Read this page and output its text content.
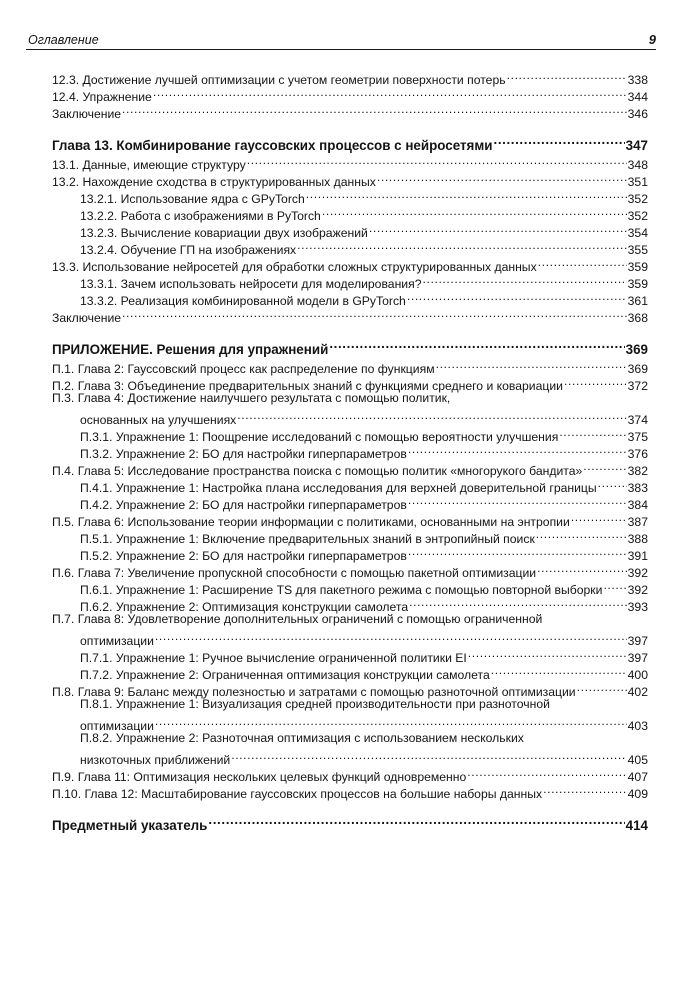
Оглавление	9
12.3. Достижение лучшей оптимизации с учетом геометрии поверхности потерь .....	338
12.4. Упражнение .....	344
Заключение .....	346
Глава 13. Комбинирование гауссовских процессов с нейросетями .....	347
13.1. Данные, имеющие структуру .....	348
13.2. Нахождение сходства в структурированных данных .....	351
13.2.1. Использование ядра с GPyTorch .....	352
13.2.2. Работа с изображениями в PyTorch .....	352
13.2.3. Вычисление ковариации двух изображений .....	354
13.2.4. Обучение ГП на изображениях .....	355
13.3. Использование нейросетей для обработки сложных структурированных данных .....	359
13.3.1. Зачем использовать нейросети для моделирования? .....	359
13.3.2. Реализация комбинированной модели в GPyTorch .....	361
Заключение .....	368
ПРИЛОЖЕНИЕ. Решения для упражнений .....	369
П.1. Глава 2: Гауссовский процесс как распределение по функциям .....	369
П.2. Глава 3: Объединение предварительных знаний с функциями среднего и ковариации .....	372
П.3. Глава 4: Достижение наилучшего результата с помощью политик,
основанных на улучшениях .....	374
П.3.1. Упражнение 1: Поощрение исследований с помощью вероятности улучшения .....	375
П.3.2. Упражнение 2: БО для настройки гиперпараметров .....	376
П.4. Глава 5: Исследование пространства поиска с помощью политик «многорукого бандита» .....	382
П.4.1. Упражнение 1: Настройка плана исследования для верхней доверительной границы .....	383
П.4.2. Упражнение 2: БО для настройки гиперпараметров .....	384
П.5. Глава 6: Использование теории информации с политиками, основанными на энтропии .....	387
П.5.1. Упражнение 1: Включение предварительных знаний в энтропийный поиск .....	388
П.5.2. Упражнение 2: БО для настройки гиперпараметров .....	391
П.6. Глава 7: Увеличение пропускной способности с помощью пакетной оптимизации .....	392
П.6.1. Упражнение 1: Расширение TS для пакетного режима с помощью повторной выборки ..... 392
П.6.2. Упражнение 2: Оптимизация конструкции самолета .....	393
П.7. Глава 8: Удовлетворение дополнительных ограничений с помощью ограниченной
оптимизации .....	397
П.7.1. Упражнение 1: Ручное вычисление ограниченной политики EI .....	397
П.7.2. Упражнение 2: Ограниченная оптимизация конструкции самолета .....	400
П.8. Глава 9: Баланс между полезностью и затратами с помощью разноточной оптимизации .....	402
П.8.1. Упражнение 1: Визуализация средней производительности при разноточной
оптимизации .....	403
П.8.2. Упражнение 2: Разноточная оптимизация с использованием нескольких
низкоточных приближений .....	405
П.9. Глава 11: Оптимизация нескольких целевых функций одновременно .....	407
П.10. Глава 12: Масштабирование гауссовских процессов на большие наборы данных .....	409
Предметный указатель .....	414
